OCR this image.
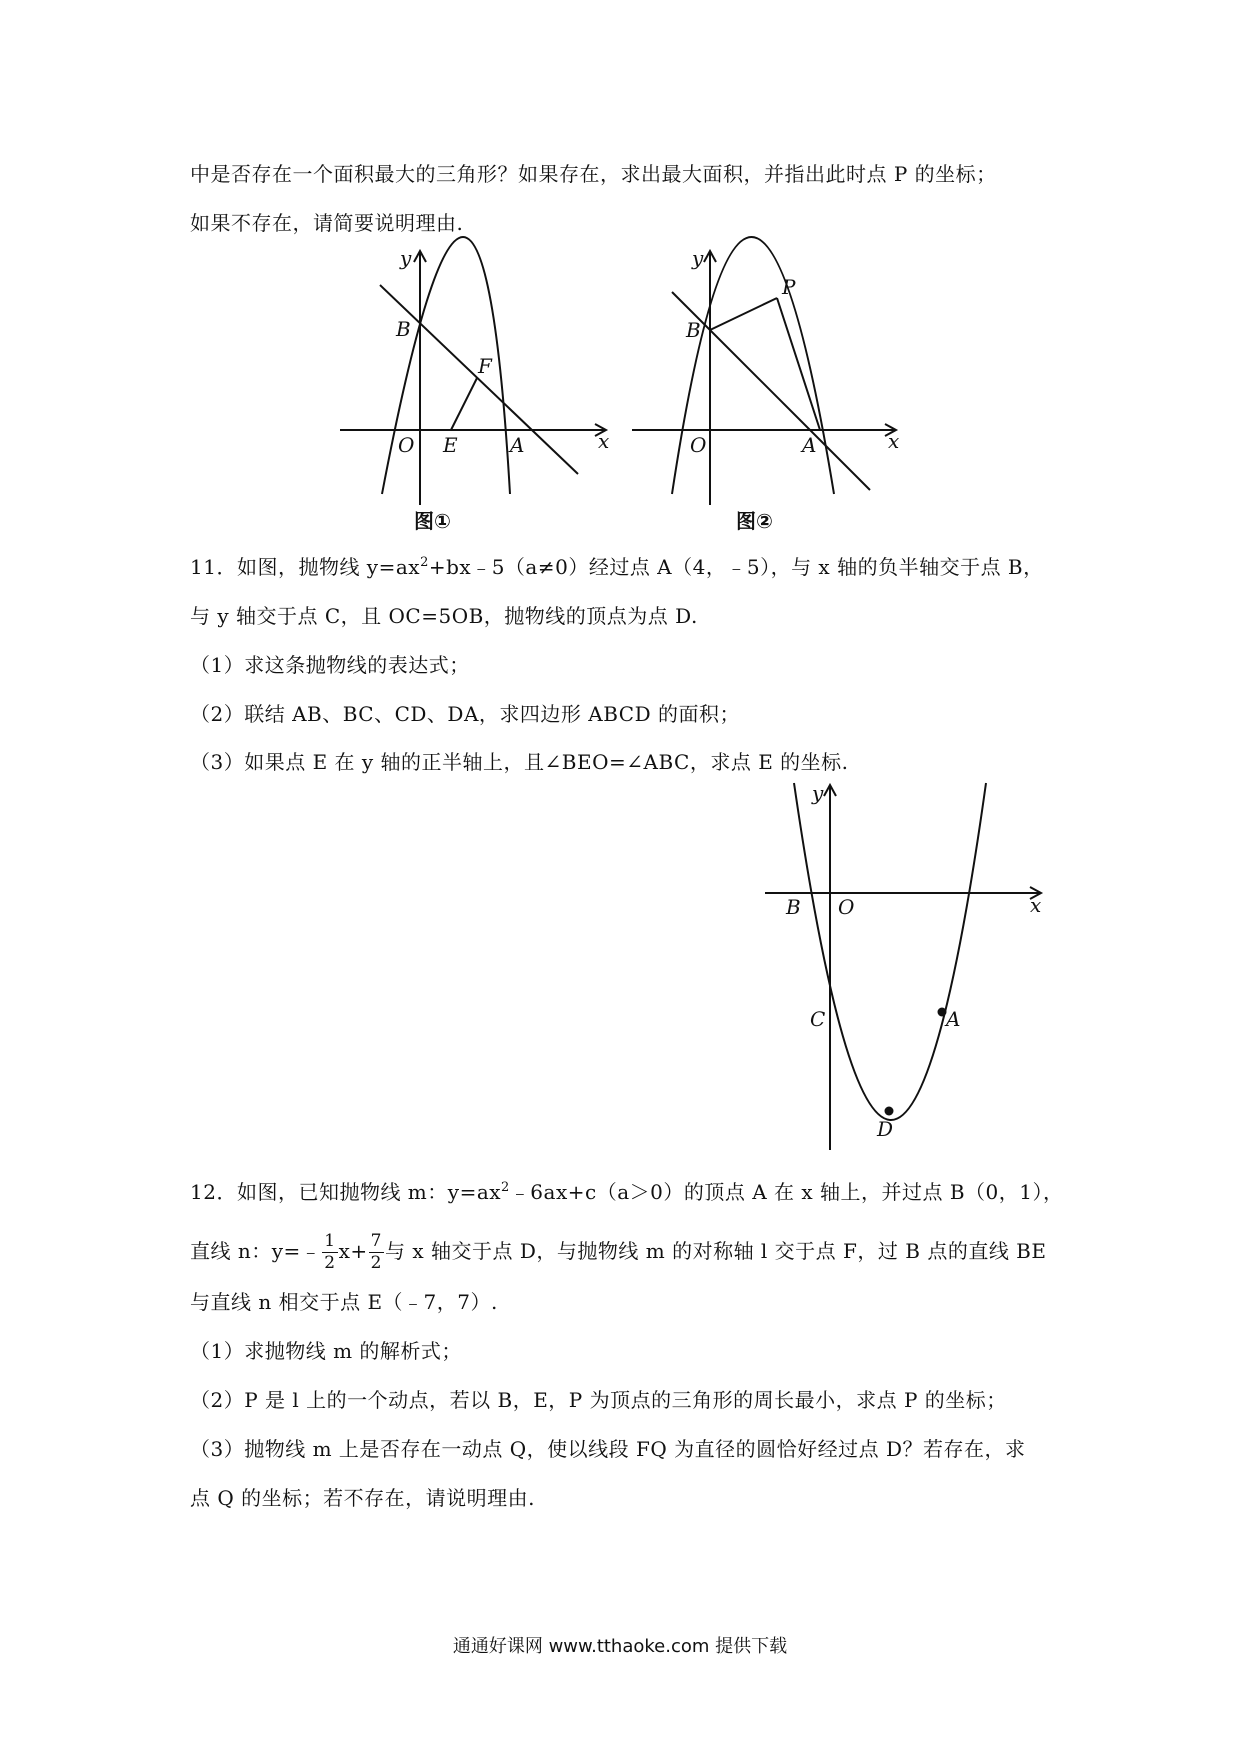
中是否存在一个面积最大的三角形？如果存在，求出最大面积，并指出此时点 P 的坐标；
如果不存在，请简要说明理由.
y
x
O
B
F
E	A
图①
y
x
O
B
P
A
图②
11．如图，抛物线 $y=ax^2+bx﹣5(a\ne 0)$经过点 A（4，﹣5），与 x 轴的负半轴交于点 B，
与 y 轴交于点 C，且 OC=5OB，抛物线的顶点为点 D.
（1）求这条抛物线的表达式；
（2）联结 AB、BC、CD、DA，求四边形 ABCD 的面积；
（3）如果点 E 在 y 轴的正半轴上，且∠BEO=∠ABC，求点 E 的坐标.
y
x
B O
C	A
D
12．如图，已知抛物线 m：$y=ax^2﹣6ax+c(a>0)$的顶点 A 在 x 轴上，并过点 B（0，1），
直线 n：y=﹣ $\frac{1}{2} x+ \frac{7}{2}$ 与 x 轴交于点 D，与抛物线 m 的对称轴 l 交于点 F，过 B 点的直线 BE
与直线 n 相交于点 E（﹣7，7）.
（1）求抛物线 m 的解析式；
（2）P 是 l 上的一个动点，若以 B，E，P 为顶点的三角形的周长最小，求点 P 的坐标；
（3）抛物线 m 上是否存在一动点 Q，使以线段 FQ 为直径的圆恰好经过点 D？若存在，求
点 Q 的坐标；若不存在，请说明理由.
通通好课网 www.tthaoke.com 提供下载
